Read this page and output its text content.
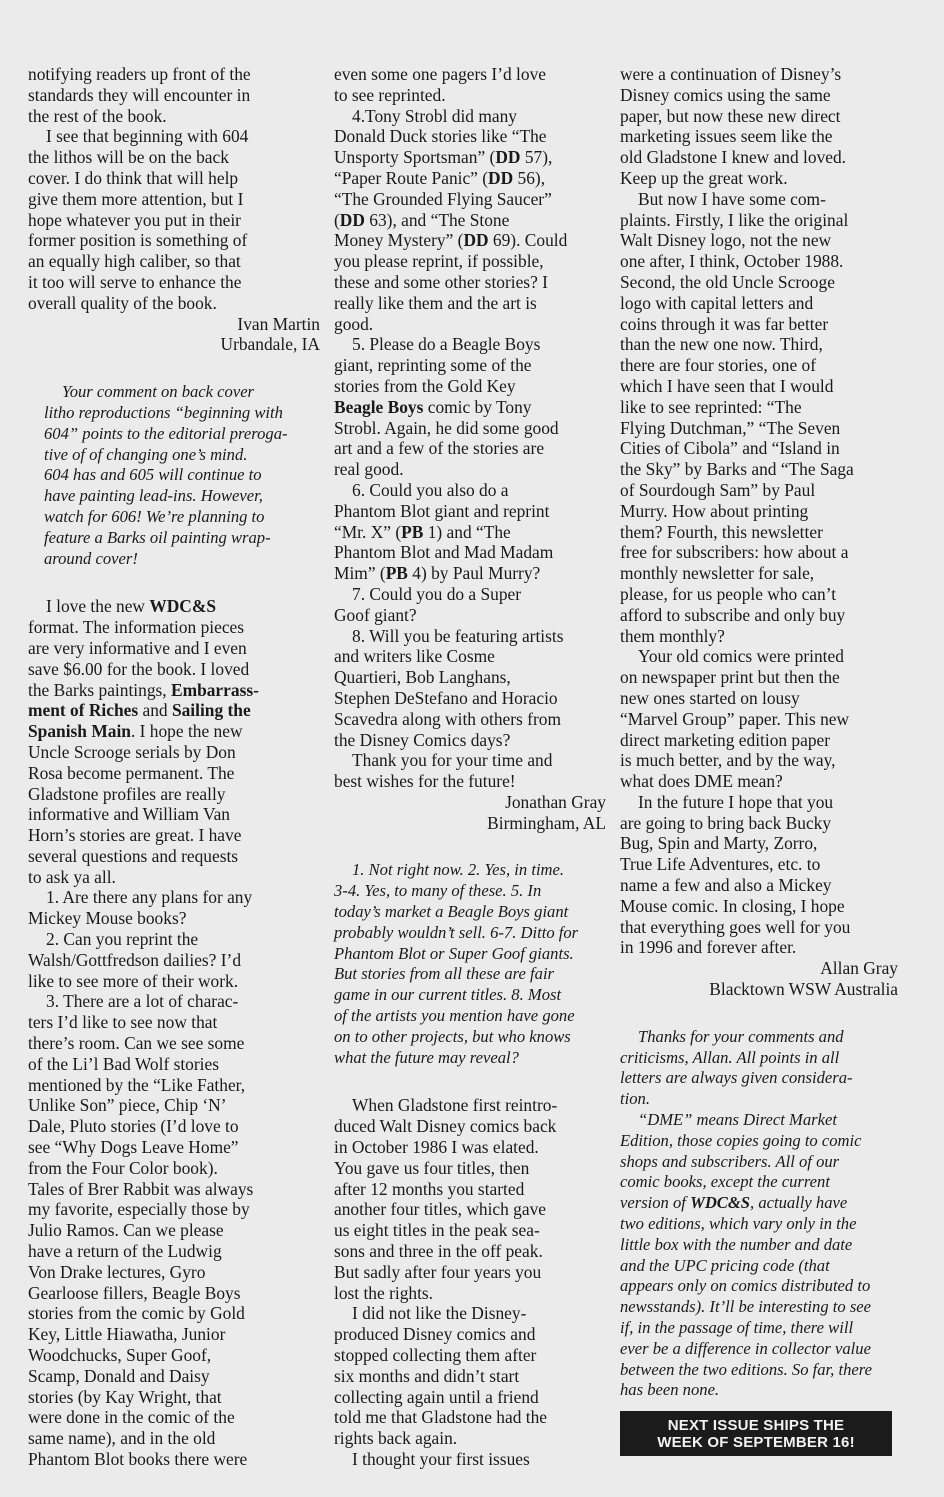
notifying readers up front of the
standards they will encounter in
the rest of the book.

I see that beginning with 604
the lithos will be on the back
cover. I do think that will help
give them more attention, but I
hope whatever you put in their
former position is something of
an equally high caliber, so that
it too will serve to enhance the
overall quality of the book.

Ivan Martin
Urbandale, IA

Your comment on back cover
litho reproductions “beginning with
604” points to the editorial preroga-
tive of of changing one’s mind.
604 has and 605 will continue to
have painting lead-ins. However,
watch for 606! We’re planning to
feature a Barks oil painting wrap-
around cover!

I love the new WDC&S
format. The information pieces
are very informative and I even
save $6.00 for the book. I loved
the Barks paintings, Embarrass-
ment of Riches and Sailing the
Spanish Main. I hope the new
Uncle Scrooge serials by Don
Rosa become permanent. The
Gladstone profiles are really
informative and William Van
Horn’s stories are great. I have
several questions and requests
to ask ya all.

1. Are there any plans for any
Mickey Mouse books?

2. Can you reprint the
Walsh/Gottfredson dailies? I’d
like to see more of their work.

3. There are a lot of charac-
ters I’d like to see now that
there’s room. Can we see some
of the Li’l Bad Wolf stories
mentioned by the “Like Father,
Unlike Son” piece, Chip ‘N’
Dale, Pluto stories (I’d love to
see “Why Dogs Leave Home”
from the Four Color book).
Tales of Brer Rabbit was always
my favorite, especially those by
Julio Ramos. Can we please
have a return of the Ludwig
Von Drake lectures, Gyro
Gearloose fillers, Beagle Boys
stories from the comic by Gold
Key, Little Hiawatha, Junior
Woodchucks, Super Goof,
Scamp, Donald and Daisy
stories (by Kay Wright, that
were done in the comic of the
same name), and in the old
Phantom Blot books there were

even some one pagers I’d love
to see reprinted.

4.Tony Strobl did many
Donald Duck stories like “The
Unsporty Sportsman” (DD 57),
“Paper Route Panic” (DD 56),
“The Grounded Flying Saucer”
(DD 63), and “The Stone
Money Mystery” (DD 69). Could
you please reprint, if possible,
these and some other stories? I
really like them and the art is
good.

5. Please do a Beagle Boys
giant, reprinting some of the
stories from the Gold Key
Beagle Boys comic by Tony
Strobl. Again, he did some good
art and a few of the stories are
real good.

6. Could you also do a
Phantom Blot giant and reprint
“Mr. X” (PB 1) and “The
Phantom Blot and Mad Madam
Mim” (PB 4) by Paul Murry?

7. Could you do a Super
Goof giant?

8. Will you be featuring artists
and writers like Cosme
Quartieri, Bob Langhans,
Stephen DeStefano and Horacio
Scavedra along with others from
the Disney Comics days?

Thank you for your time and
best wishes for the future!

Jonathan Gray
Birmingham, AL

1. Not right now. 2. Yes, in time.
3-4. Yes, to many of these. 5. In
today’s market a Beagle Boys giant
probably wouldn’t sell. 6-7. Ditto for
Phantom Blot or Super Goof giants.
But stories from all these are fair
game in our current titles. 8. Most
of the artists you mention have gone
on to other projects, but who knows
what the future may reveal?

When Gladstone first reintro-
duced Walt Disney comics back
in October 1986 I was elated.
You gave us four titles, then
after 12 months you started
another four titles, which gave
us eight titles in the peak sea-
sons and three in the off peak.
But sadly after four years you
lost the rights.

I did not like the Disney-
produced Disney comics and
stopped collecting them after
six months and didn’t start
collecting again until a friend
told me that Gladstone had the
rights back again.

I thought your first issues

were a continuation of Disney’s
Disney comics using the same
paper, but now these new direct
marketing issues seem like the
old Gladstone I knew and loved.
Keep up the great work.

But now I have some com-
plaints. Firstly, I like the original
Walt Disney logo, not the new
one after, I think, October 1988.
Second, the old Uncle Scrooge
logo with capital letters and
coins through it was far better
than the new one now. Third,
there are four stories, one of
which I have seen that I would
like to see reprinted: “The
Flying Dutchman,” “The Seven
Cities of Cibola” and “Island in
the Sky” by Barks and “The Saga
of Sourdough Sam” by Paul
Murry. How about printing
them? Fourth, this newsletter
free for subscribers: how about a
monthly newsletter for sale,
please, for us people who can’t
afford to subscribe and only buy
them monthly?

Your old comics were printed
on newspaper print but then the
new ones started on lousy
“Marvel Group” paper. This new
direct marketing edition paper
is much better, and by the way,
what does DME mean?

In the future I hope that you
are going to bring back Bucky
Bug, Spin and Marty, Zorro,
True Life Adventures, etc. to
name a few and also a Mickey
Mouse comic. In closing, I hope
that everything goes well for you
in 1996 and forever after.

Allan Gray
Blacktown WSW Australia

Thanks for your comments and
criticisms, Allan. All points in all
letters are always given considera-
tion.

“DME” means Direct Market
Edition, those copies going to comic
shops and subscribers. All of our
comic books, except the current
version of WDC&S, actually have
two editions, which vary only in the
little box with the number and date
and the UPC pricing code (that
appears only on comics distributed to
newsstands). It’ll be interesting to see
if, in the passage of time, there will
ever be a difference in collector value
between the two editions. So far, there
has been none.

NEXT ISSUE SHIPS THE
WEEK OF SEPTEMBER 16!
